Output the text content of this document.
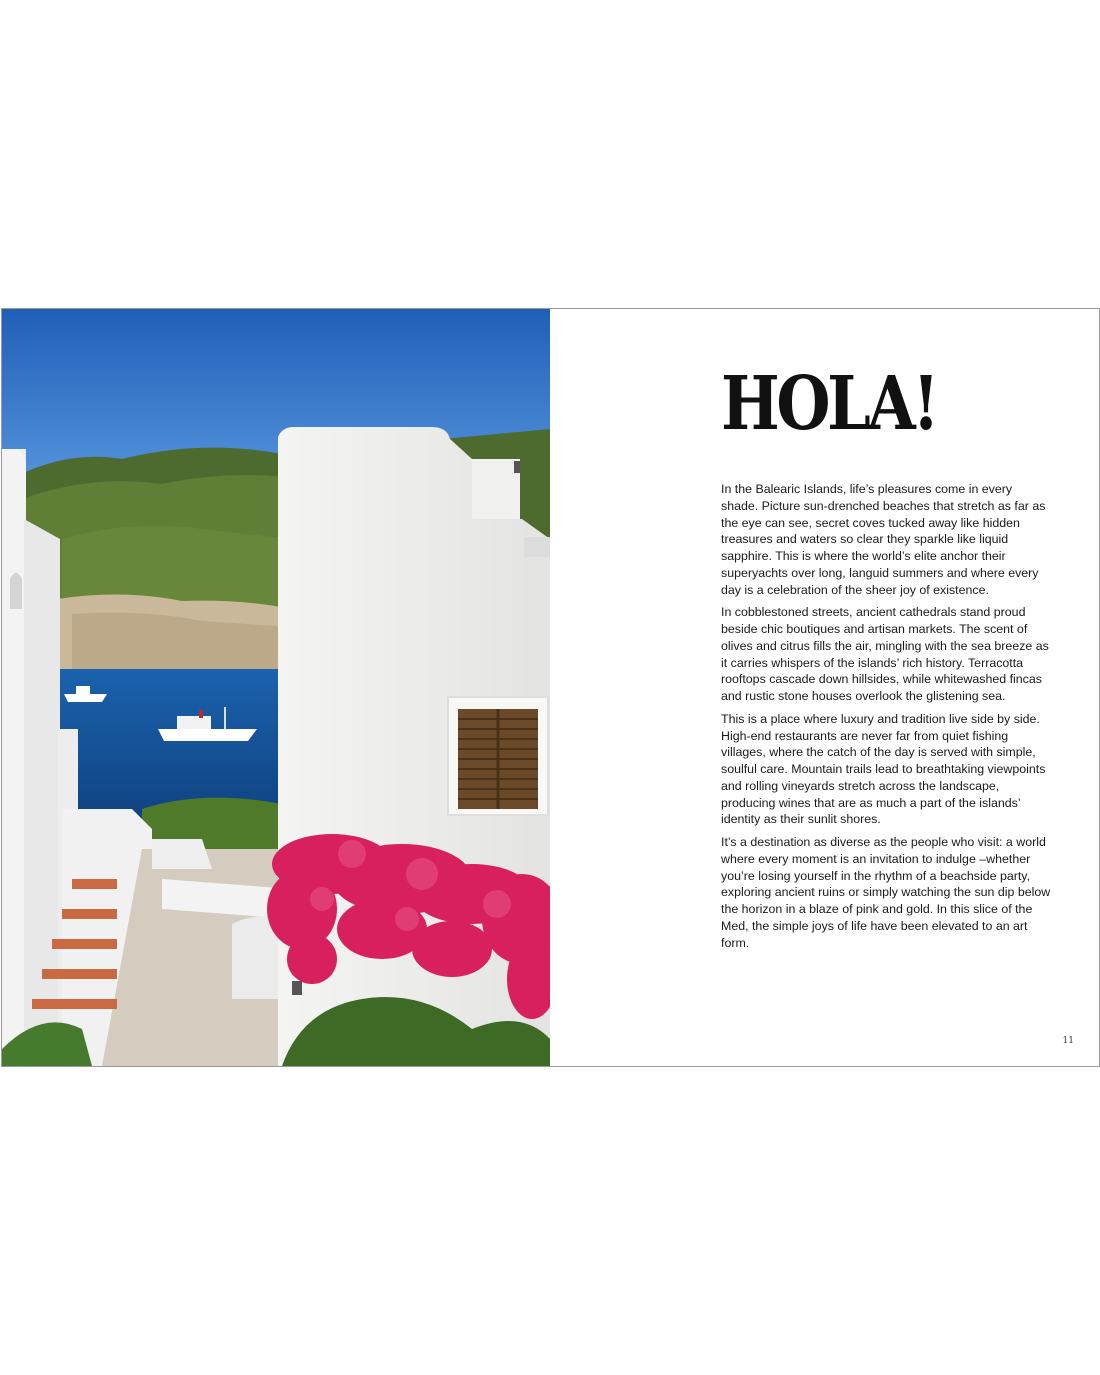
HOLA!

In the Balearic Islands, life’s pleasures come in every shade. Picture sun-drenched beaches that stretch as far as the eye can see, secret coves tucked away like hidden treasures and waters so clear they sparkle like liquid sapphire. This is where the world’s elite anchor their superyachts over long, languid summers and where every day is a celebration of the sheer joy of existence.

In cobblestoned streets, ancient cathedrals stand proud beside chic boutiques and artisan markets. The scent of olives and citrus fills the air, mingling with the sea breeze as it carries whispers of the islands’ rich history. Terracotta rooftops cascade down hillsides, while whitewashed fincas and rustic stone houses overlook the glistening sea.

This is a place where luxury and tradition live side by side. High-end restaurants are never far from quiet fishing villages, where the catch of the day is served with simple, soulful care. Mountain trails lead to breathtaking viewpoints and rolling vineyards stretch across the landscape, producing wines that are as much a part of the islands’ identity as their sunlit shores.

It’s a destination as diverse as the people who visit: a world where every moment is an invitation to indulge –whether you’re losing yourself in the rhythm of a beachside party, exploring ancient ruins or simply watching the sun dip below the horizon in a blaze of pink and gold. In this slice of the Med, the simple joys of life have been elevated to an art form.

11
